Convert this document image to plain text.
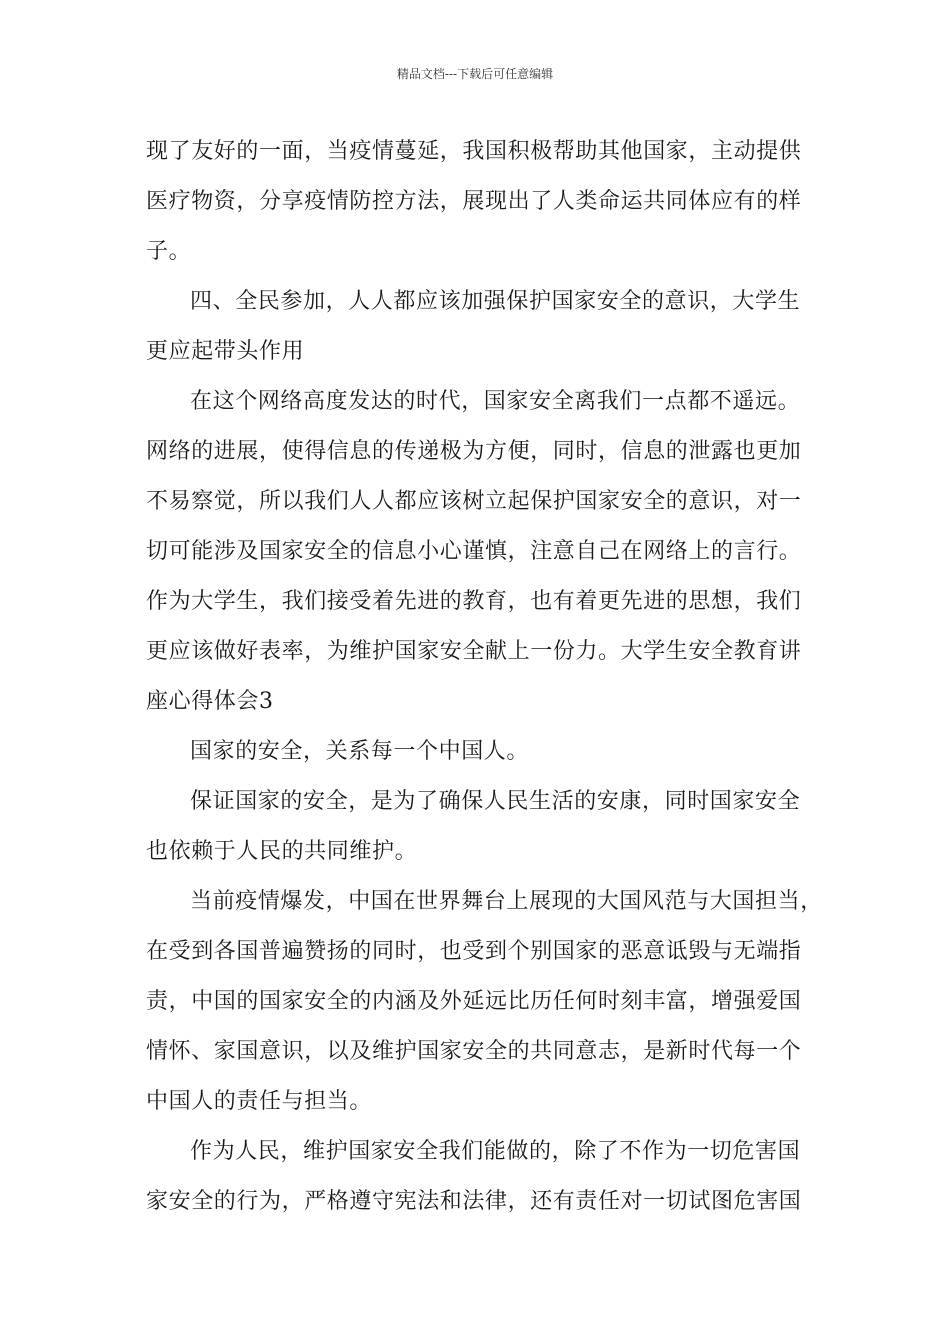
精品文档---下载后可任意编辑
现了友好的一面，当疫情蔓延，我国积极帮助其他国家，主动提供
医疗物资，分享疫情防控方法，展现出了人类命运共同体应有的样
子。
四、全民参加，人人都应该加强保护国家安全的意识，大学生
更应起带头作用
在这个网络高度发达的时代，国家安全离我们一点都不遥远。
网络的进展，使得信息的传递极为方便，同时，信息的泄露也更加
不易察觉，所以我们人人都应该树立起保护国家安全的意识，对一
切可能涉及国家安全的信息小心谨慎，注意自己在网络上的言行。
作为大学生，我们接受着先进的教育，也有着更先进的思想，我们
更应该做好表率，为维护国家安全献上一份力。大学生安全教育讲
座心得体会3
国家的安全，关系每一个中国人。
保证国家的安全，是为了确保人民生活的安康，同时国家安全
也依赖于人民的共同维护。
当前疫情爆发，中国在世界舞台上展现的大国风范与大国担当，
在受到各国普遍赞扬的同时，也受到个别国家的恶意诋毁与无端指
责，中国的国家安全的内涵及外延远比历任何时刻丰富，增强爱国
情怀、家国意识，以及维护国家安全的共同意志，是新时代每一个
中国人的责任与担当。
作为人民，维护国家安全我们能做的，除了不作为一切危害国
家安全的行为，严格遵守宪法和法律，还有责任对一切试图危害国
